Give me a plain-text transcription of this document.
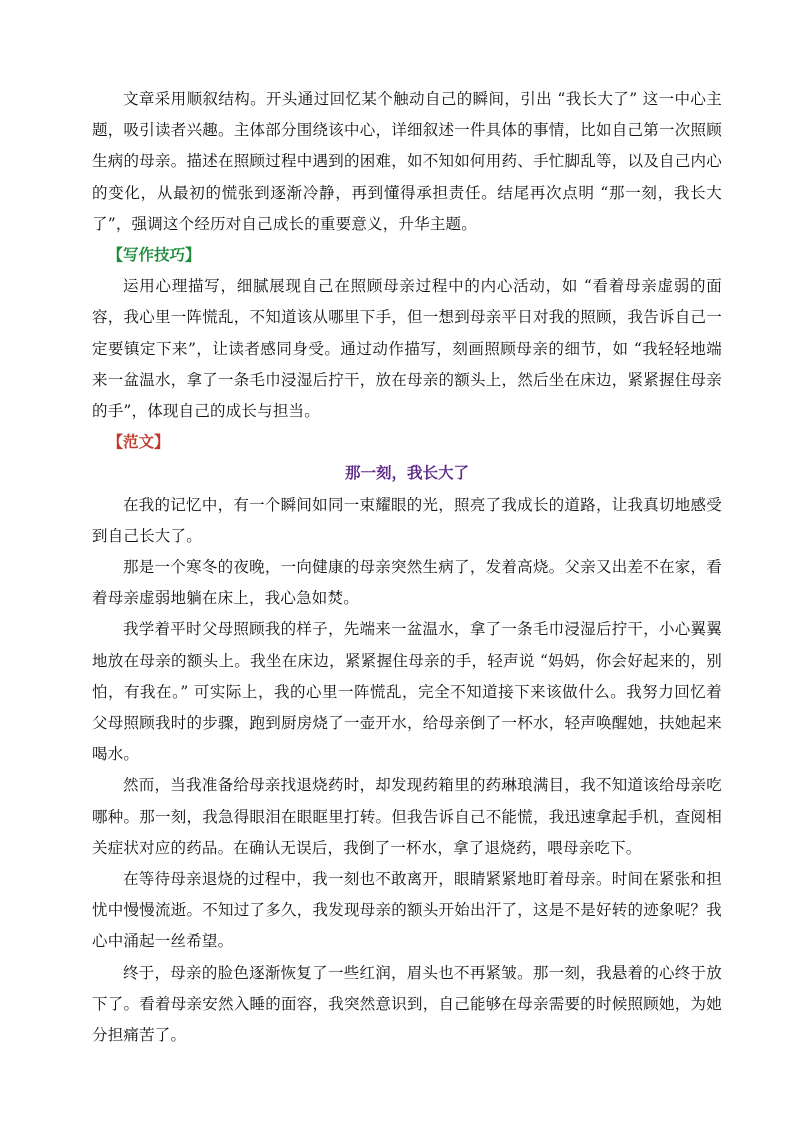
文章采用顺叙结构。开头通过回忆某个触动自己的瞬间，引出 “我长大了” 这一中心主题，吸引读者兴趣。主体部分围绕该中心，详细叙述一件具体的事情，比如自己第一次照顾生病的母亲。描述在照顾过程中遇到的困难，如不知如何用药、手忙脚乱等，以及自己内心的变化，从最初的慌张到逐渐冷静，再到懂得承担责任。结尾再次点明 “那一刻，我长大了”，强调这个经历对自己成长的重要意义，升华主题。

【写作技巧】

运用心理描写，细腻展现自己在照顾母亲过程中的内心活动，如 “看着母亲虚弱的面容，我心里一阵慌乱，不知道该从哪里下手，但一想到母亲平日对我的照顾，我告诉自己一定要镇定下来”，让读者感同身受。通过动作描写，刻画照顾母亲的细节，如 “我轻轻地端来一盆温水，拿了一条毛巾浸湿后拧干，放在母亲的额头上，然后坐在床边，紧紧握住母亲的手”，体现自己的成长与担当。

【范文】

那一刻，我长大了

在我的记忆中，有一个瞬间如同一束耀眼的光，照亮了我成长的道路，让我真切地感受到自己长大了。

那是一个寒冬的夜晚，一向健康的母亲突然生病了，发着高烧。父亲又出差不在家，看着母亲虚弱地躺在床上，我心急如焚。

我学着平时父母照顾我的样子，先端来一盆温水，拿了一条毛巾浸湿后拧干，小心翼翼地放在母亲的额头上。我坐在床边，紧紧握住母亲的手，轻声说 “妈妈，你会好起来的，别怕，有我在。” 可实际上，我的心里一阵慌乱，完全不知道接下来该做什么。我努力回忆着父母照顾我时的步骤，跑到厨房烧了一壶开水，给母亲倒了一杯水，轻声唤醒她，扶她起来喝水。

然而，当我准备给母亲找退烧药时，却发现药箱里的药琳琅满目，我不知道该给母亲吃哪种。那一刻，我急得眼泪在眼眶里打转。但我告诉自己不能慌，我迅速拿起手机，查阅相关症状对应的药品。在确认无误后，我倒了一杯水，拿了退烧药，喂母亲吃下。

在等待母亲退烧的过程中，我一刻也不敢离开，眼睛紧紧地盯着母亲。时间在紧张和担忧中慢慢流逝。不知过了多久，我发现母亲的额头开始出汗了，这是不是好转的迹象呢？我心中涌起一丝希望。

终于，母亲的脸色逐渐恢复了一些红润，眉头也不再紧皱。那一刻，我悬着的心终于放下了。看着母亲安然入睡的面容，我突然意识到，自己能够在母亲需要的时候照顾她，为她分担痛苦了。
